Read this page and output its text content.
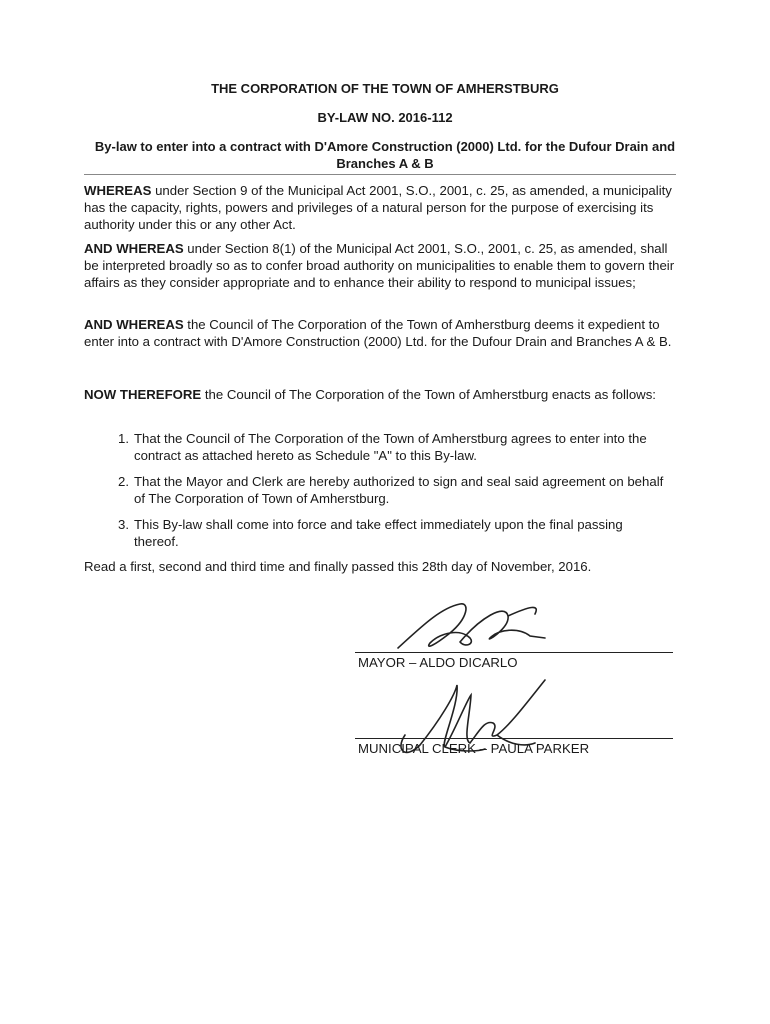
THE CORPORATION OF THE TOWN OF AMHERSTBURG
BY-LAW NO. 2016-112
By-law to enter into a contract with D'Amore Construction (2000) Ltd. for the Dufour Drain and Branches A & B

WHEREAS under Section 9 of the Municipal Act 2001, S.O., 2001, c. 25, as amended, a municipality has the capacity, rights, powers and privileges of a natural person for the purpose of exercising its authority under this or any other Act.

AND WHEREAS under Section 8(1) of the Municipal Act 2001, S.O., 2001, c. 25, as amended, shall be interpreted broadly so as to confer broad authority on municipalities to enable them to govern their affairs as they consider appropriate and to enhance their ability to respond to municipal issues;

AND WHEREAS the Council of The Corporation of the Town of Amherstburg deems it expedient to enter into a contract with D'Amore Construction (2000) Ltd. for the Dufour Drain and Branches A & B.

NOW THEREFORE the Council of The Corporation of the Town of Amherstburg enacts as follows:

1. That the Council of The Corporation of the Town of Amherstburg agrees to enter into the contract as attached hereto as Schedule "A" to this By-law.
2. That the Mayor and Clerk are hereby authorized to sign and seal said agreement on behalf of The Corporation of Town of Amherstburg.
3. This By-law shall come into force and take effect immediately upon the final passing thereof.

Read a first, second and third time and finally passed this 28th day of November, 2016.

MAYOR – ALDO DICARLO
MUNICIPAL CLERK – PAULA PARKER
